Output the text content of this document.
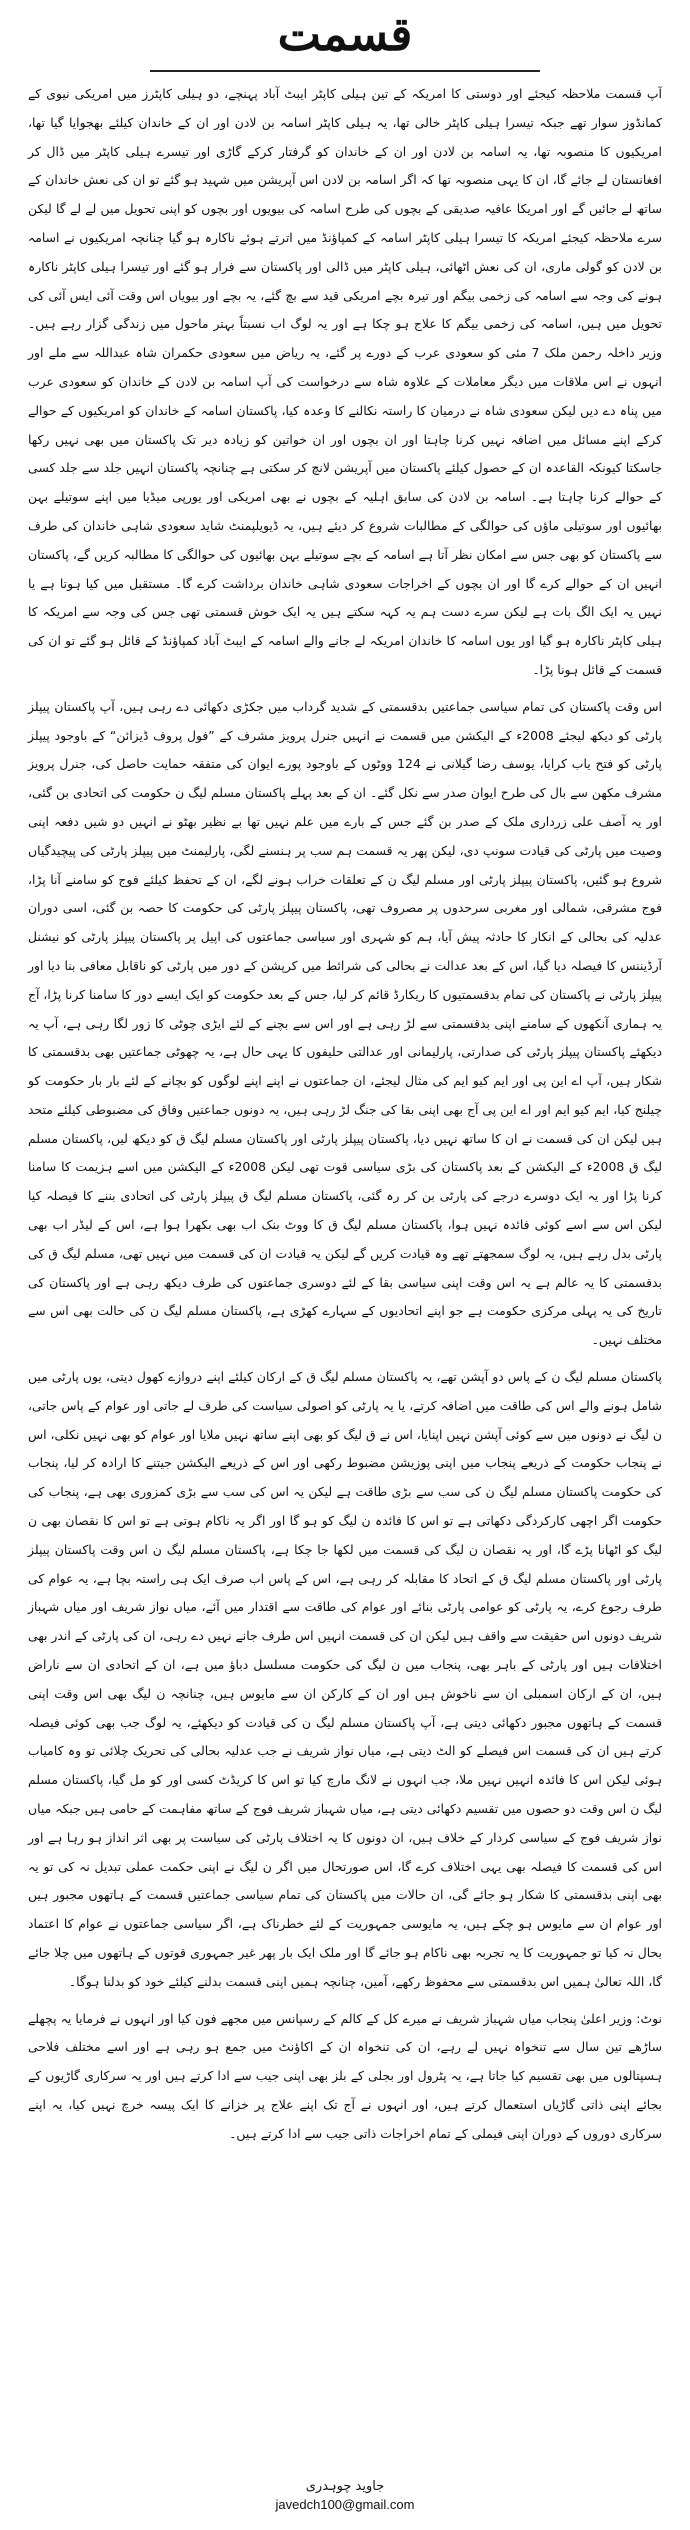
قسمت

آپ قسمت ملاحظہ کیجئے اور دوستی کا امریکہ کے تین ہیلی کاپٹر ایبٹ آباد پہنچے، دو ہیلی کاپٹرز میں امریکی نیوی کے کمانڈوز سوار تھے جبکہ تیسرا ہیلی کاپٹر خالی تھا، یہ ہیلی کاپٹر اسامہ بن لادن اور ان کے خاندان کیلئے بھجوایا گیا تھا، امریکیوں کا منصوبہ تھا، یہ اسامہ بن لادن اور ان کے خاندان کو گرفتار کرکے گاڑی اور تیسرے ہیلی کاپٹر میں ڈال کر افغانستان لے جائے گا، ان کا یہی منصوبہ تھا کہ اگر اسامہ بن لادن اس آپریشن میں شہید ہو گئے تو ان کی نعش خاندان کے ساتھ لے جائیں گے اور امریکا عافیہ صدیقی کے بچوں کی طرح اسامہ کی بیویوں اور بچوں کو اپنی تحویل میں لے لے گا لیکن سرے ملاحظہ کیجئے امریکہ کا تیسرا ہیلی کاپٹر اسامہ کے کمپاؤنڈ میں اترتے ہوئے ناکارہ ہو گیا چنانچہ امریکیوں نے اسامہ بن لادن کو گولی ماری، ان کی نعش اٹھائی، ہیلی کاپٹر میں ڈالی اور پاکستان سے فرار ہو گئے اور تیسرا ہیلی کاپٹر ناکارہ ہونے کی وجہ سے اسامہ کی زخمی بیگم اور تیرہ بچے امریکی قید سے بچ گئے، یہ بچے اور بیویاں اس وقت آئی ایس آئی کی تحویل میں ہیں، اسامہ کی زخمی بیگم کا علاج ہو چکا ہے اور یہ لوگ اب نسبتاً بہتر ماحول میں زندگی گزار رہے ہیں۔ وزیر داخلہ رحمن ملک 7 مئی کو سعودی عرب کے دورے پر گئے، یہ ریاض میں سعودی حکمران شاہ عبداللہ سے ملے اور انہوں نے اس ملاقات میں دیگر معاملات کے علاوہ شاہ سے درخواست کی آپ اسامہ بن لادن کے خاندان کو سعودی عرب میں پناہ دے دیں لیکن سعودی شاہ نے درمیان کا راستہ نکالنے کا وعدہ کیا، پاکستان اسامہ کے خاندان کو امریکیوں کے حوالے کرکے اپنے مسائل میں اضافہ نہیں کرنا چاہتا اور ان بچوں اور ان خواتین کو زیادہ دیر تک پاکستان میں بھی نہیں رکھا جاسکتا کیونکہ القاعدہ ان کے حصول کیلئے پاکستان میں آپریشن لانچ کر سکتی ہے چنانچہ پاکستان انہیں جلد سے جلد کسی کے حوالے کرنا چاہتا ہے۔ اسامہ بن لادن کی سابق اہلیہ کے بچوں نے بھی امریکی اور یورپی میڈیا میں اپنے سوتیلے بہن بھائیوں اور سوتیلی ماؤں کی حوالگی کے مطالبات شروع کر دیئے ہیں، یہ ڈیویلپمنٹ شاید سعودی شاہی خاندان کی طرف سے پاکستان کو بھی جس سے امکان نظر آتا ہے اسامہ کے بچے سوتیلے بہن بھائیوں کی حوالگی کا مطالبہ کریں گے، پاکستان انہیں ان کے حوالے کرے گا اور ان بچوں کے اخراجات سعودی شاہی خاندان برداشت کرے گا۔ مستقبل میں کیا ہوتا ہے یا نہیں یہ ایک الگ بات ہے لیکن سرے دست ہم یہ کہہ سکتے ہیں یہ ایک خوش قسمتی تھی جس کی وجہ سے امریکہ کا ہیلی کاپٹر ناکارہ ہو گیا اور یوں اسامہ کا خاندان امریکہ لے جانے والے اسامہ کے ایبٹ آباد کمپاؤنڈ کے قائل ہو گئے تو ان کی قسمت کے قائل ہونا پڑا۔

اس وقت پاکستان کی تمام سیاسی جماعتیں بدقسمتی کے شدید گرداب میں جکڑی دکھائی دے رہی ہیں، آپ پاکستان پیپلز پارٹی کو دیکھ لیجئے 2008ء کے الیکشن میں قسمت نے انہیں جنرل پرویز مشرف کے ”فول پروف ڈیزائن“ کے باوجود پیپلز پارٹی کو فتح یاب کرایا، یوسف رضا گیلانی نے 124 ووٹوں کے باوجود پورے ایوان کی متفقہ حمایت حاصل کی، جنرل پرویز مشرف مکھن سے بال کی طرح ایوان صدر سے نکل گئے۔ ان کے بعد پہلے پاکستان مسلم لیگ ن حکومت کی اتحادی بن گئی، اور یہ آصف علی زرداری ملک کے صدر بن گئے جس کے بارے میں علم نہیں تھا بے نظیر بھٹو نے انہیں دو شیں دفعہ اپنی وصیت میں پارٹی کی قیادت سونپ دی، لیکن پھر یہ قسمت ہم سب پر ہنسنے لگی، پارلیمنٹ میں پیپلز پارٹی کی پیچیدگیاں شروع ہو گئیں، پاکستان پیپلز پارٹی اور مسلم لیگ ن کے تعلقات خراب ہونے لگے، ان کے تحفظ کیلئے فوج کو سامنے آنا پڑا، فوج مشرقی، شمالی اور مغربی سرحدوں پر مصروف تھی، پاکستان پیپلز پارٹی کی حکومت کا حصہ بن گئی، اسی دوران عدلیہ کی بحالی کے انکار کا حادثہ پیش آیا، ہم کو شہری اور سیاسی جماعتوں کی اپیل پر پاکستان پیپلز پارٹی کو نیشنل آرڈیننس کا فیصلہ دیا گیا، اس کے بعد عدالت نے بحالی کی شرائط میں کرپشن کے دور میں پارٹی کو ناقابل معافی بنا دیا اور پیپلز پارٹی نے پاکستان کی تمام بدقسمتیوں کا ریکارڈ قائم کر لیا، جس کے بعد حکومت کو ایک ایسے دور کا سامنا کرنا پڑا، آج یہ ہماری آنکھوں کے سامنے اپنی بدقسمتی سے لڑ رہی ہے اور اس سے بچنے کے لئے ایڑی چوٹی کا زور لگا رہی ہے، آپ یہ دیکھئے پاکستان پیپلز پارٹی کی صدارتی، پارلیمانی اور عدالتی حلیفوں کا یہی حال ہے، یہ چھوٹی جماعتیں بھی بدقسمتی کا شکار ہیں، آپ اے این پی اور ایم کیو ایم کی مثال لیجئے، ان جماعتوں نے اپنے اپنے لوگوں کو بچانے کے لئے بار بار حکومت کو چیلنج کیا، ایم کیو ایم اور اے این پی آج بھی اپنی بقا کی جنگ لڑ رہی ہیں، یہ دونوں جماعتیں وفاق کی مضبوطی کیلئے متحد ہیں لیکن ان کی قسمت نے ان کا ساتھ نہیں دیا، پاکستان پیپلز پارٹی اور پاکستان مسلم لیگ ق کو دیکھ لیں، پاکستان مسلم لیگ ق 2008ء کے الیکشن کے بعد پاکستان کی بڑی سیاسی قوت تھی لیکن 2008ء کے الیکشن میں اسے ہزیمت کا سامنا کرنا پڑا اور یہ ایک دوسرے درجے کی پارٹی بن کر رہ گئی، پاکستان مسلم لیگ ق پیپلز پارٹی کی اتحادی بننے کا فیصلہ کیا لیکن اس سے اسے کوئی فائدہ نہیں ہوا، پاکستان مسلم لیگ ق کا ووٹ بنک اب بھی بکھرا ہوا ہے، اس کے لیڈر اب بھی پارٹی بدل رہے ہیں، یہ لوگ سمجھتے تھے وہ قیادت کریں گے لیکن یہ قیادت ان کی قسمت میں نہیں تھی، مسلم لیگ ق کی بدقسمتی کا یہ عالم ہے یہ اس وقت اپنی سیاسی بقا کے لئے دوسری جماعتوں کی طرف دیکھ رہی ہے اور پاکستان کی تاریخ کی یہ پہلی مرکزی حکومت ہے جو اپنے اتحادیوں کے سہارے کھڑی ہے، پاکستان مسلم لیگ ن کی حالت بھی اس سے مختلف نہیں۔

پاکستان مسلم لیگ ن کے پاس دو آپشن تھے، یہ پاکستان مسلم لیگ ق کے ارکان کیلئے اپنے دروازے کھول دیتی، یوں پارٹی میں شامل ہونے والے اس کی طاقت میں اضافہ کرتے، یا یہ پارٹی کو اصولی سیاست کی طرف لے جاتی اور عوام کے پاس جاتی، ن لیگ نے دونوں میں سے کوئی آپشن نہیں اپنایا، اس نے ق لیگ کو بھی اپنے ساتھ نہیں ملایا اور عوام کو بھی نہیں نکلی، اس نے پنجاب حکومت کے ذریعے پنجاب میں اپنی پوزیشن مضبوط رکھی اور اس کے ذریعے الیکشن جیتنے کا ارادہ کر لیا، پنجاب کی حکومت پاکستان مسلم لیگ ن کی سب سے بڑی طاقت ہے لیکن یہ اس کی سب سے بڑی کمزوری بھی ہے، پنجاب کی حکومت اگر اچھی کارکردگی دکھاتی ہے تو اس کا فائدہ ن لیگ کو ہو گا اور اگر یہ ناکام ہوتی ہے تو اس کا نقصان بھی ن لیگ کو اٹھانا پڑے گا، اور یہ نقصان ن لیگ کی قسمت میں لکھا جا چکا ہے، پاکستان مسلم لیگ ن اس وقت پاکستان پیپلز پارٹی اور پاکستان مسلم لیگ ق کے اتحاد کا مقابلہ کر رہی ہے، اس کے پاس اب صرف ایک ہی راستہ بچا ہے، یہ عوام کی طرف رجوع کرے، یہ پارٹی کو عوامی پارٹی بنائے اور عوام کی طاقت سے اقتدار میں آئے، میاں نواز شریف اور میاں شہباز شریف دونوں اس حقیقت سے واقف ہیں لیکن ان کی قسمت انہیں اس طرف جانے نہیں دے رہی، ان کی پارٹی کے اندر بھی اختلافات ہیں اور پارٹی کے باہر بھی، پنجاب میں ن لیگ کی حکومت مسلسل دباؤ میں ہے، ان کے اتحادی ان سے ناراض ہیں، ان کے ارکان اسمبلی ان سے ناخوش ہیں اور ان کے کارکن ان سے مایوس ہیں، چنانچہ ن لیگ بھی اس وقت اپنی قسمت کے ہاتھوں مجبور دکھائی دیتی ہے، آپ پاکستان مسلم لیگ ن کی قیادت کو دیکھئے، یہ لوگ جب بھی کوئی فیصلہ کرتے ہیں ان کی قسمت اس فیصلے کو الٹ دیتی ہے، میاں نواز شریف نے جب عدلیہ بحالی کی تحریک چلائی تو وہ کامیاب ہوئی لیکن اس کا فائدہ انہیں نہیں ملا، جب انہوں نے لانگ مارچ کیا تو اس کا کریڈٹ کسی اور کو مل گیا، پاکستان مسلم لیگ ن اس وقت دو حصوں میں تقسیم دکھائی دیتی ہے، میاں شہباز شریف فوج کے ساتھ مفاہمت کے حامی ہیں جبکہ میاں نواز شریف فوج کے سیاسی کردار کے خلاف ہیں، ان دونوں کا یہ اختلاف پارٹی کی سیاست پر بھی اثر انداز ہو رہا ہے اور اس کی قسمت کا فیصلہ بھی یہی اختلاف کرے گا، اس صورتحال میں اگر ن لیگ نے اپنی حکمت عملی تبدیل نہ کی تو یہ بھی اپنی بدقسمتی کا شکار ہو جائے گی، ان حالات میں پاکستان کی تمام سیاسی جماعتیں قسمت کے ہاتھوں مجبور ہیں اور عوام ان سے مایوس ہو چکے ہیں، یہ مایوسی جمہوریت کے لئے خطرناک ہے، اگر سیاسی جماعتوں نے عوام کا اعتماد بحال نہ کیا تو جمہوریت کا یہ تجربہ بھی ناکام ہو جائے گا اور ملک ایک بار پھر غیر جمہوری قوتوں کے ہاتھوں میں چلا جائے گا، اللہ تعالیٰ ہمیں اس بدقسمتی سے محفوظ رکھے، آمین، چنانچہ ہمیں اپنی قسمت بدلنے کیلئے خود کو بدلنا ہوگا۔

نوٹ: وزیر اعلیٰ پنجاب میاں شہباز شریف نے میرے کل کے کالم کے رسپانس میں مجھے فون کیا اور انہوں نے فرمایا یہ پچھلے ساڑھے تین سال سے تنخواہ نہیں لے رہے، ان کی تنخواہ ان کے اکاؤنٹ میں جمع ہو رہی ہے اور اسے مختلف فلاحی ہسپتالوں میں بھی تقسیم کیا جاتا ہے، یہ پٹرول اور بجلی کے بلز بھی اپنی جیب سے ادا کرتے ہیں اور یہ سرکاری گاڑیوں کے بجائے اپنی ذاتی گاڑیاں استعمال کرتے ہیں، اور انہوں نے آج تک اپنے علاج پر خزانے کا ایک پیسہ خرچ نہیں کیا، یہ اپنے سرکاری دوروں کے دوران اپنی فیملی کے تمام اخراجات ذاتی جیب سے ادا کرتے ہیں۔

جاوید چوہدری
javedch100@gmail.com
